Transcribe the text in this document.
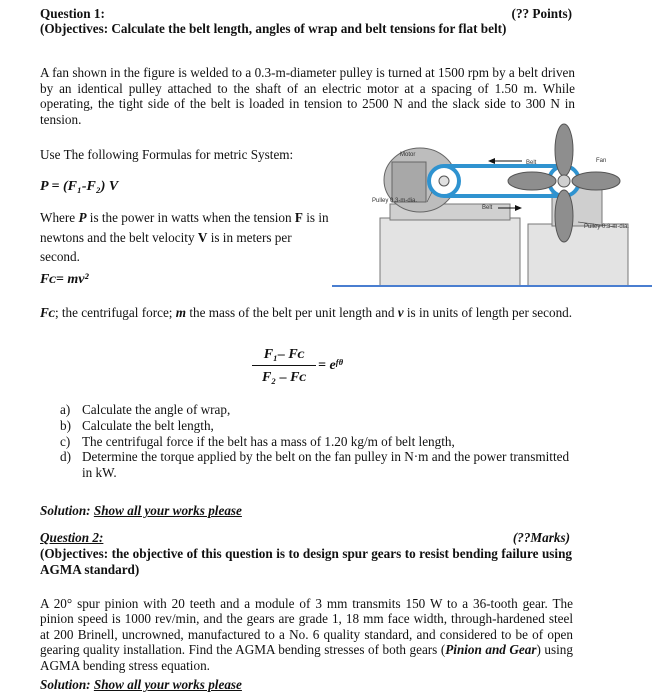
Question 1:	(?? Points)
(Objectives: Calculate the belt length, angles of wrap and belt tensions for flat belt)
A fan shown in the figure is welded to a 0.3-m-diameter pulley is turned at 1500 rpm by a belt driven by an identical pulley attached to the shaft of an electric motor at a spacing of 1.50 m. While operating, the tight side of the belt is loaded in tension to 2500 N and the slack side to 300 N in tension.
Use The following Formulas for metric System:
P = (F₁-F₂) V
Where P is the power in watts when the tension F is in newtons and the belt velocity V is in meters per second.
Fᴄ= mv²
Fᴄ; the centrifugal force; m the mass of the belt per unit length and v is in units of length per second.
$\frac{\text{F₁– Fᴄ}}{\text{F₂ – Fᴄ}}$ = eᶠᶿ
a) Calculate the angle of wrap,
b) Calculate the belt length,
c) The centrifugal force if the belt has a mass of 1.20 kg/m of belt length,
d) Determine the torque applied by the belt on the fan pulley in N·m and the power transmitted in kW.
Solution: Show all your works please
Question 2:	(??Marks)
(Objectives: the objective of this question is to design spur gears to resist bending failure using AGMA standard)
A 20° spur pinion with 20 teeth and a module of 3 mm transmits 150 W to a 36-tooth gear. The pinion speed is 1000 rev/min, and the gears are grade 1, 18 mm face width, through-hardened steel at 200 Brinell, uncrowned, manufactured to a No. 6 quality standard, and considered to be of open gearing quality installation. Find the AGMA bending stresses of both gears (Pinion and Gear) using AGMA bending stress equation.
Solution: Show all your works please
Motor
Belt
Belt
Fan
Pulley 0.3-m-dia.
Pulley 0.3-m-dia.
